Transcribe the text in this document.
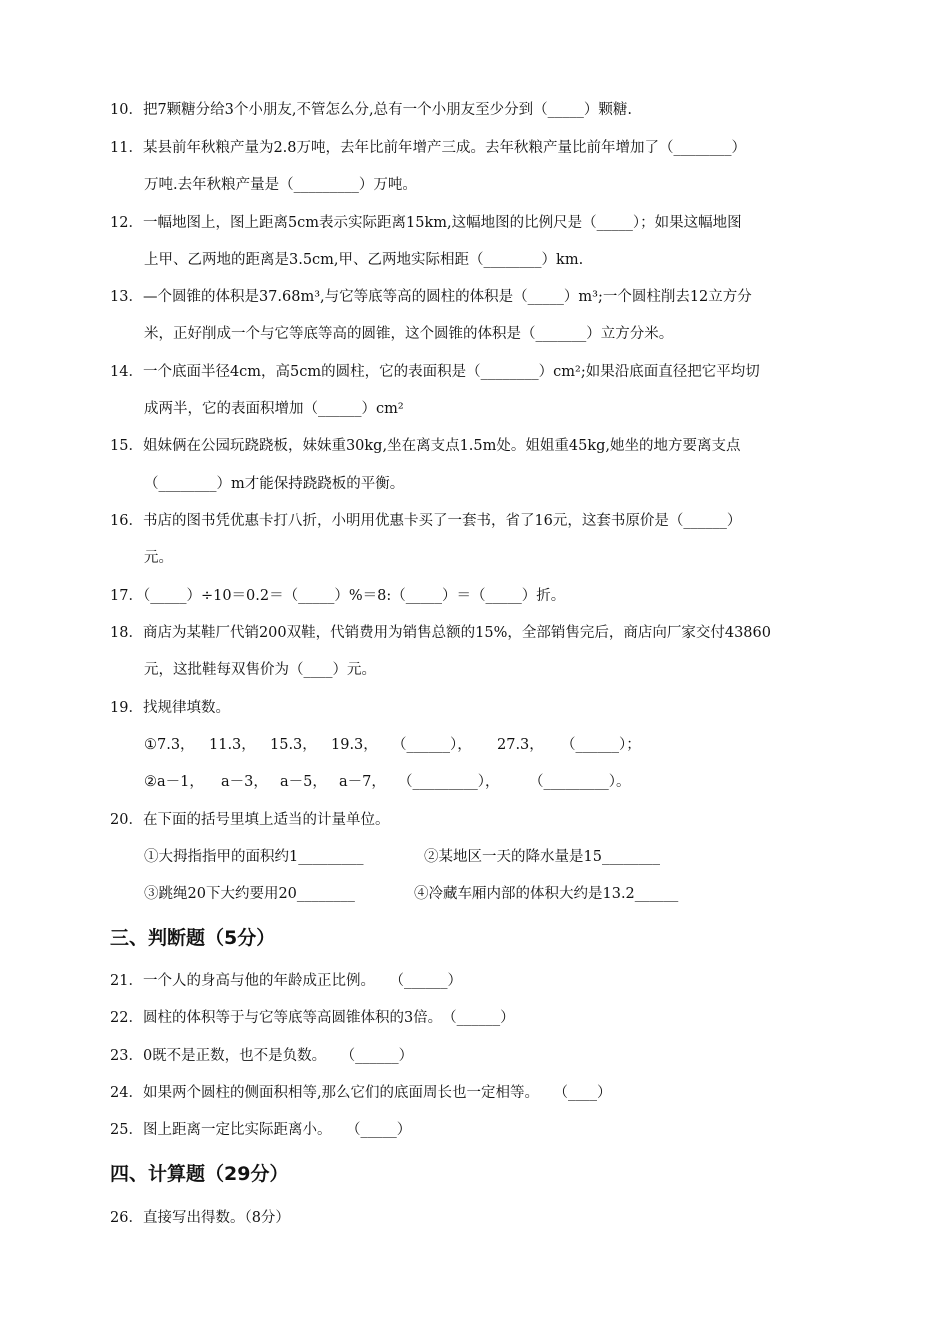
10．把7颗糖分给3个小朋友,不管怎么分,总有一个小朋友至少分到（_____）颗糖.
11．某县前年秋粮产量为2.8万吨，去年比前年增产三成。去年秋粮产量比前年增加了（________）
万吨.去年秋粮产量是（_________）万吨。
12．一幅地图上，图上距离5cm表示实际距离15km,这幅地图的比例尺是（_____）；如果这幅地图
上甲、乙两地的距离是3.5cm,甲、乙两地实际相距（________）km.
13．—个圆锥的体积是37.68m³,与它等底等高的圆柱的体积是（_____）m³;一个圆柱削去12立方分
米，正好削成一个与它等底等高的圆锥，这个圆锥的体积是（_______）立方分米。
14．一个底面半径4cm，高5cm的圆柱，它的表面积是（________）cm²;如果沿底面直径把它平均切
成两半，它的表面积增加（______）cm²
15．姐妹俩在公园玩跷跷板，妹妹重30kg,坐在离支点1.5m处。姐姐重45kg,她坐的地方要离支点
（________）m才能保持跷跷板的平衡。
16．书店的图书凭优惠卡打八折，小明用优惠卡买了一套书，省了16元，这套书原价是（______）
元。
17．（_____）÷10＝0.2＝（_____）%＝8:（_____）＝（_____）折。
18．商店为某鞋厂代销200双鞋，代销费用为销售总额的15%，全部销售完后，商店向厂家交付43860
元，这批鞋每双售价为（____）元。
19．找规律填数。
①7.3， 11.3， 15.3， 19.3， （______）， 27.3， （______）；
②a－1， a－3， a－5， a－7， （_________）， （_________）。
20．在下面的括号里填上适当的计量单位。
①大拇指指甲的面积约1_________	②某地区一天的降水量是15________
③跳绳20下大约要用20________	④冷藏车厢内部的体积大约是13.2______
三、判断题（5分）
21．一个人的身高与他的年龄成正比例。　　（______）
22．圆柱的体积等于与它等底等高圆锥体积的3倍。　（______）
23．0既不是正数，也不是负数。　　（______）
24．如果两个圆柱的侧面积相等,那么它们的底面周长也一定相等。　　（____）
25．图上距离一定比实际距离小。　　（_____）
四、计算题（29分）
26．直接写出得数。（8分）
